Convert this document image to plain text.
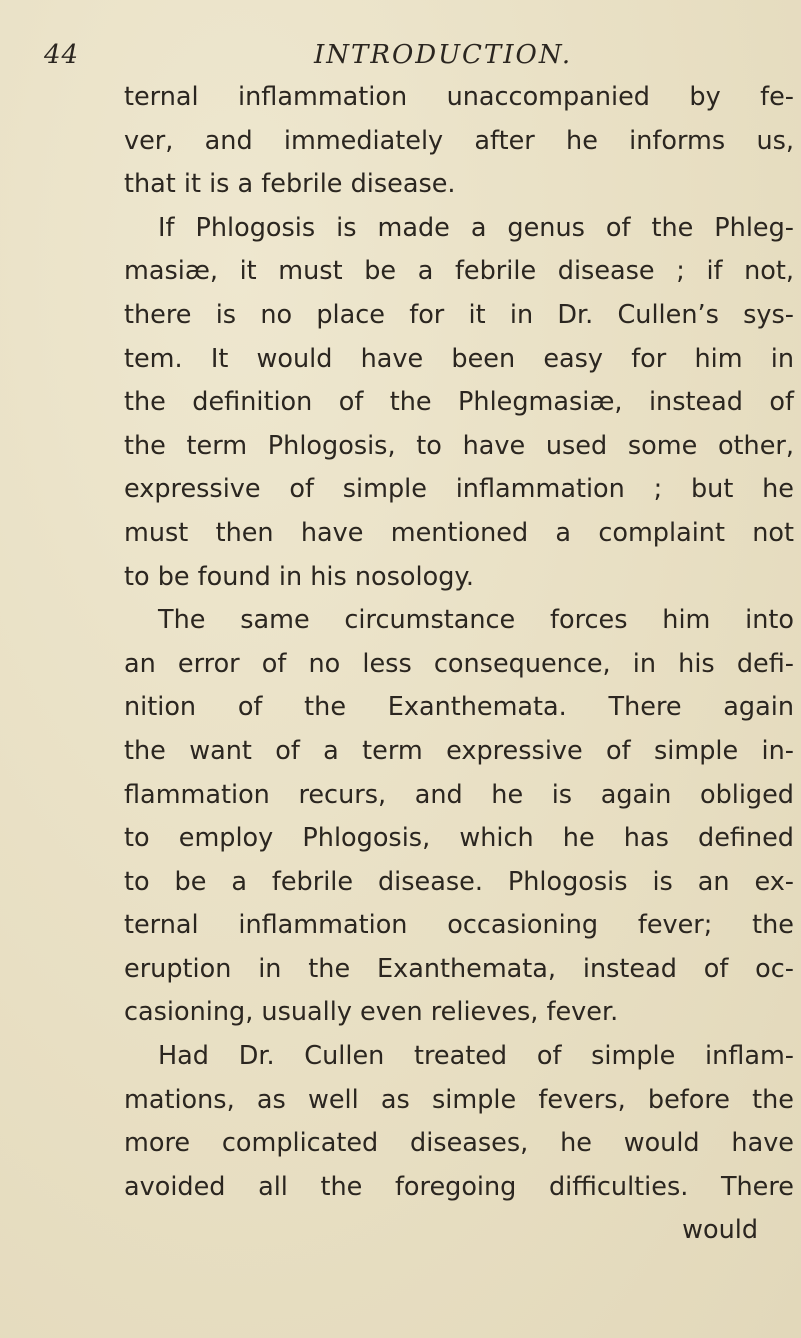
44	INTRODUCTION.
ternal inflammation unaccompanied by fe-
ver, and immediately after he informs us,
that it is a febrile disease.
If Phlogosis is made a genus of the Phleg-
masiæ, it must be a febrile disease ; if not,
there is no place for it in Dr. Cullen’s sys-
tem. It would have been easy for him in
the definition of the Phlegmasiæ, instead of
the term Phlogosis, to have used some other,
expressive of simple inflammation ; but he
must then have mentioned a complaint not
to be found in his nosology.
The same circumstance forces him into
an error of no less consequence, in his defi-
nition of the Exanthemata. There again
the want of a term expressive of simple in-
flammation recurs, and he is again obliged
to employ Phlogosis, which he has defined
to be a febrile disease. Phlogosis is an ex-
ternal inflammation occasioning fever; the
eruption in the Exanthemata, instead of oc-
casioning, usually even relieves, fever.
Had Dr. Cullen treated of simple inflam-
mations, as well as simple fevers, before the
more complicated diseases, he would have
avoided all the foregoing difficulties. There
would
